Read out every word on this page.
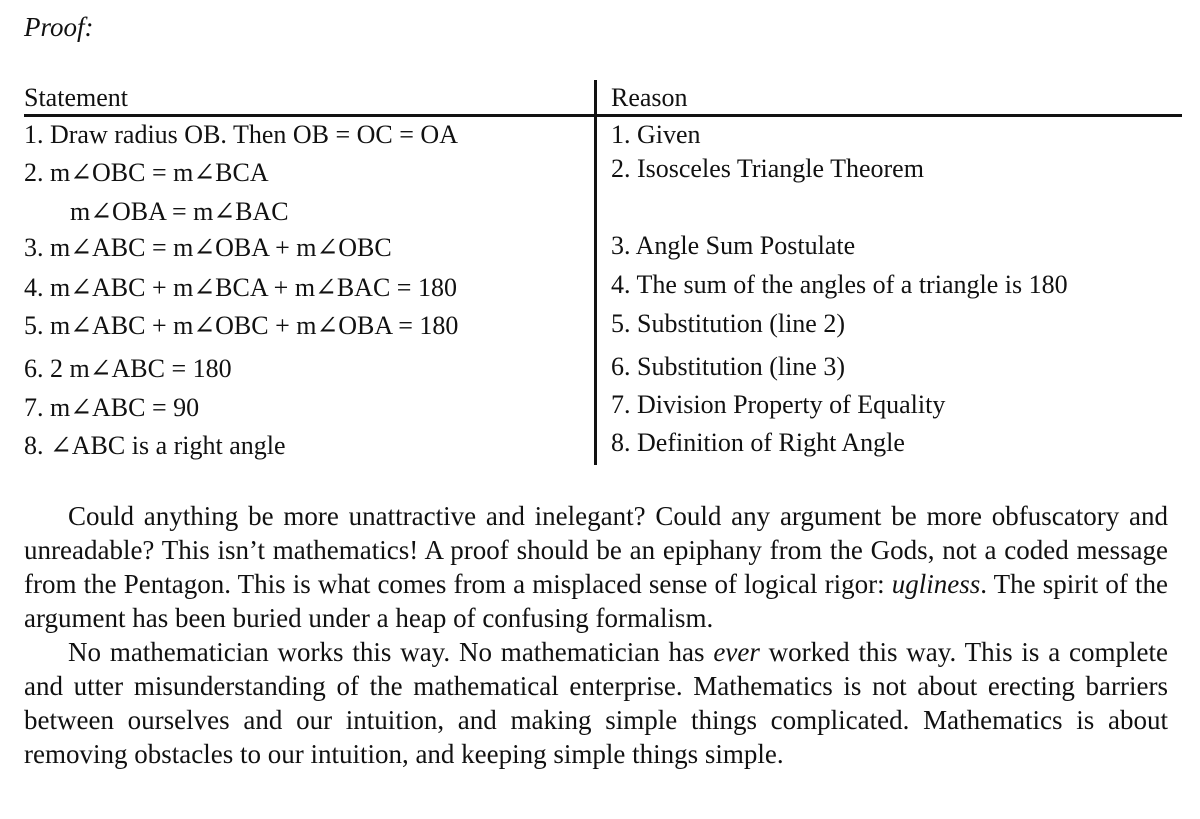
Proof:
Statement	Reason
1. Draw radius OB. Then OB = OC = OA
2. m∠OBC = m∠BCA
m∠OBA = m∠BAC
3. m∠ABC = m∠OBA + m∠OBC
4. m∠ABC + m∠BCA + m∠BAC = 180
5. m∠ABC + m∠OBC + m∠OBA = 180
6. 2 m∠ABC = 180
7. m∠ABC = 90
8. ∠ABC is a right angle
1. Given
2. Isosceles Triangle Theorem
3. Angle Sum Postulate
4. The sum of the angles of a triangle is 180
5. Substitution (line 2)
6. Substitution (line 3)
7. Division Property of Equality
8. Definition of Right Angle

Could anything be more unattractive and inelegant? Could any argument be more obfuscatory and unreadable? This isn’t mathematics! A proof should be an epiphany from the Gods, not a coded message from the Pentagon. This is what comes from a misplaced sense of logical rigor: ugliness. The spirit of the argument has been buried under a heap of confusing formalism.

No mathematician works this way. No mathematician has ever worked this way. This is a complete and utter misunderstanding of the mathematical enterprise. Mathematics is not about erecting barriers between ourselves and our intuition, and making simple things complicated. Mathematics is about removing obstacles to our intuition, and keeping simple things simple.
